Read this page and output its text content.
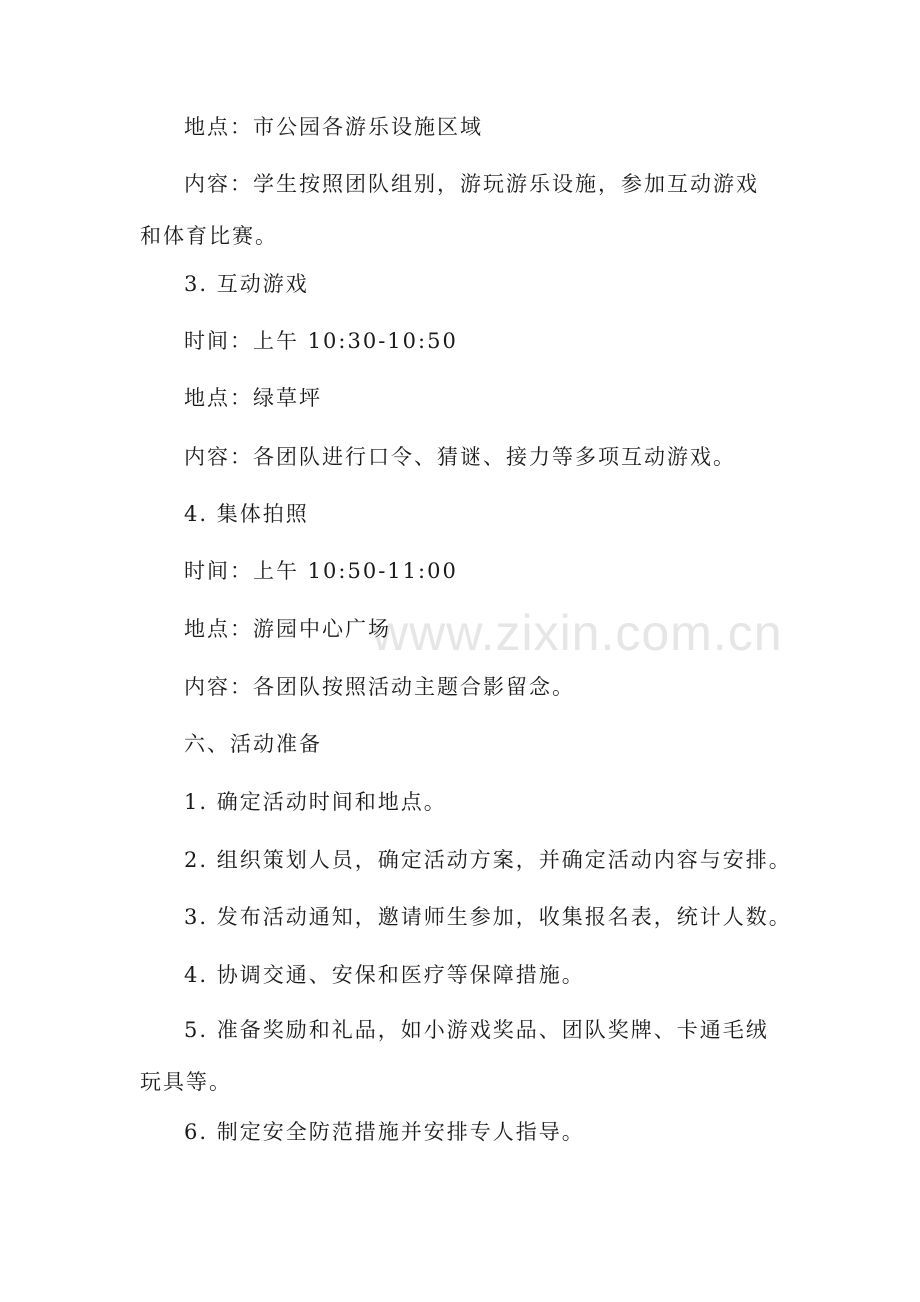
www.zixin.com.cn
地点：市公园各游乐设施区域
内容：学生按照团队组别，游玩游乐设施，参加互动游戏和体育比赛。
3. 互动游戏
时间：上午 10:30-10:50
地点：绿草坪
内容：各团队进行口令、猜谜、接力等多项互动游戏。
4. 集体拍照
时间：上午 10:50-11:00
地点：游园中心广场
内容：各团队按照活动主题合影留念。
六、活动准备
1. 确定活动时间和地点。
2. 组织策划人员，确定活动方案，并确定活动内容与安排。
3. 发布活动通知，邀请师生参加，收集报名表，统计人数。
4. 协调交通、安保和医疗等保障措施。
5. 准备奖励和礼品，如小游戏奖品、团队奖牌、卡通毛绒玩具等。
6. 制定安全防范措施并安排专人指导。
